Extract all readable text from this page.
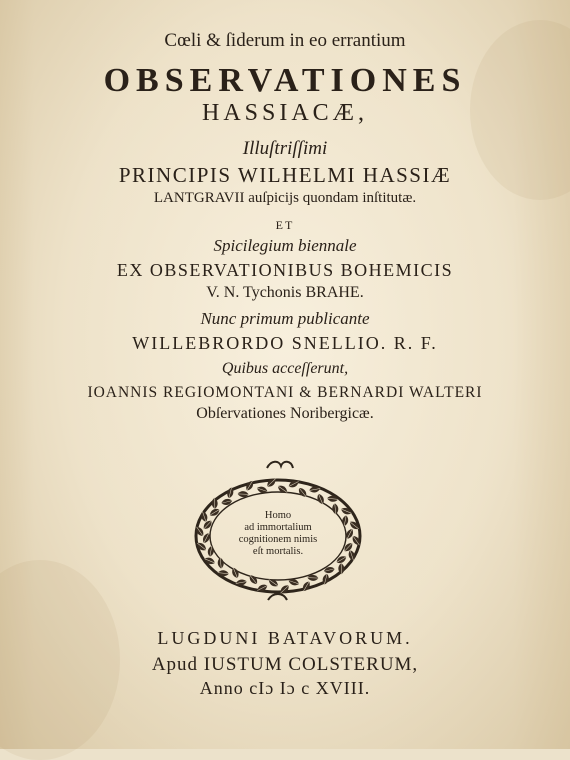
Cœli & ſiderum in eo errantium
OBSERVATIONES
HASSIACÆ,
Illuſtriſſimi
PRINCIPIS WILHELMI HASSIÆ
LANTGRAVII auſpicijs quondam inſtitutæ.
ET
Spicilegium biennale
EX OBSERVATIONIBUS BOHEMICIS
V. N. Tychonis BRAHE.
Nunc primum publicante
WILLEBRORDO SNELLIO. R. F.
Quibus acceſſerunt,
IOANNIS REGIOMONTANI & BERNARDI WALTERI
Obſervationes Noribergicæ.
Homo
ad immortalium
cognitionem nimis
eſt mortalis.
LUGDUNI BATAVORUM.
Apud IUSTUM COLSTERUM,
Anno cIɔ Iɔ c XVIII.
